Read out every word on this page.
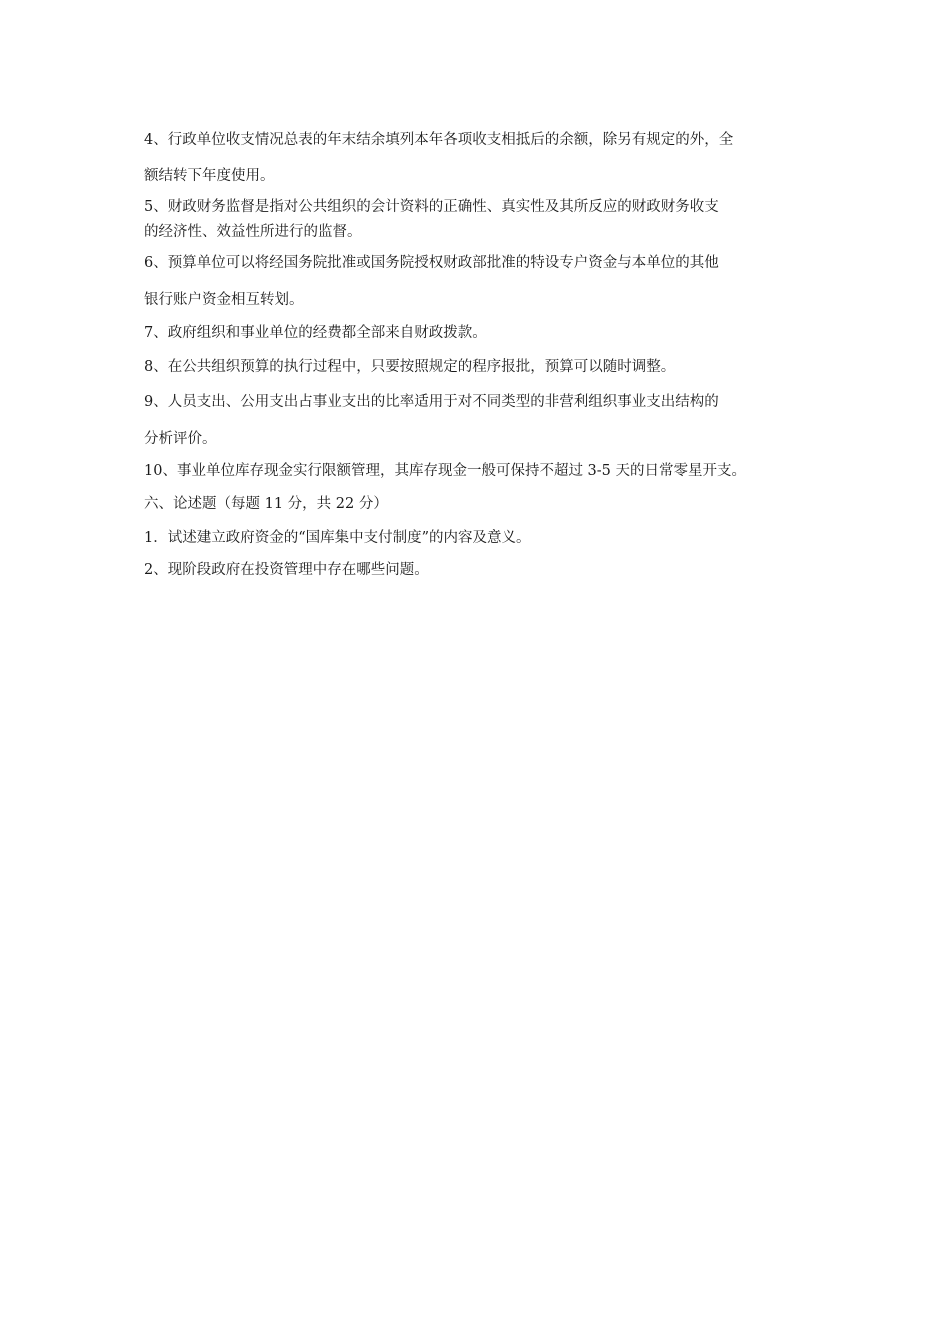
4、行政单位收支情况总表的年末结余填列本年各项收支相抵后的余额，除另有规定的外，全
额结转下年度使用。
5、财政财务监督是指对公共组织的会计资料的正确性、真实性及其所反应的财政财务收支
的经济性、效益性所进行的监督。
6、预算单位可以将经国务院批准或国务院授权财政部批准的特设专户资金与本单位的其他
银行账户资金相互转划。
7、政府组织和事业单位的经费都全部来自财政拨款。
8、在公共组织预算的执行过程中，只要按照规定的程序报批，预算可以随时调整。
9、人员支出、公用支出占事业支出的比率适用于对不同类型的非营利组织事业支出结构的
分析评价。
10、事业单位库存现金实行限额管理，其库存现金一般可保持不超过 3-5 天的日常零星开支。
六、论述题（每题 11 分，共 22 分）
1．试述建立政府资金的“国库集中支付制度”的内容及意义。
2、现阶段政府在投资管理中存在哪些问题。
